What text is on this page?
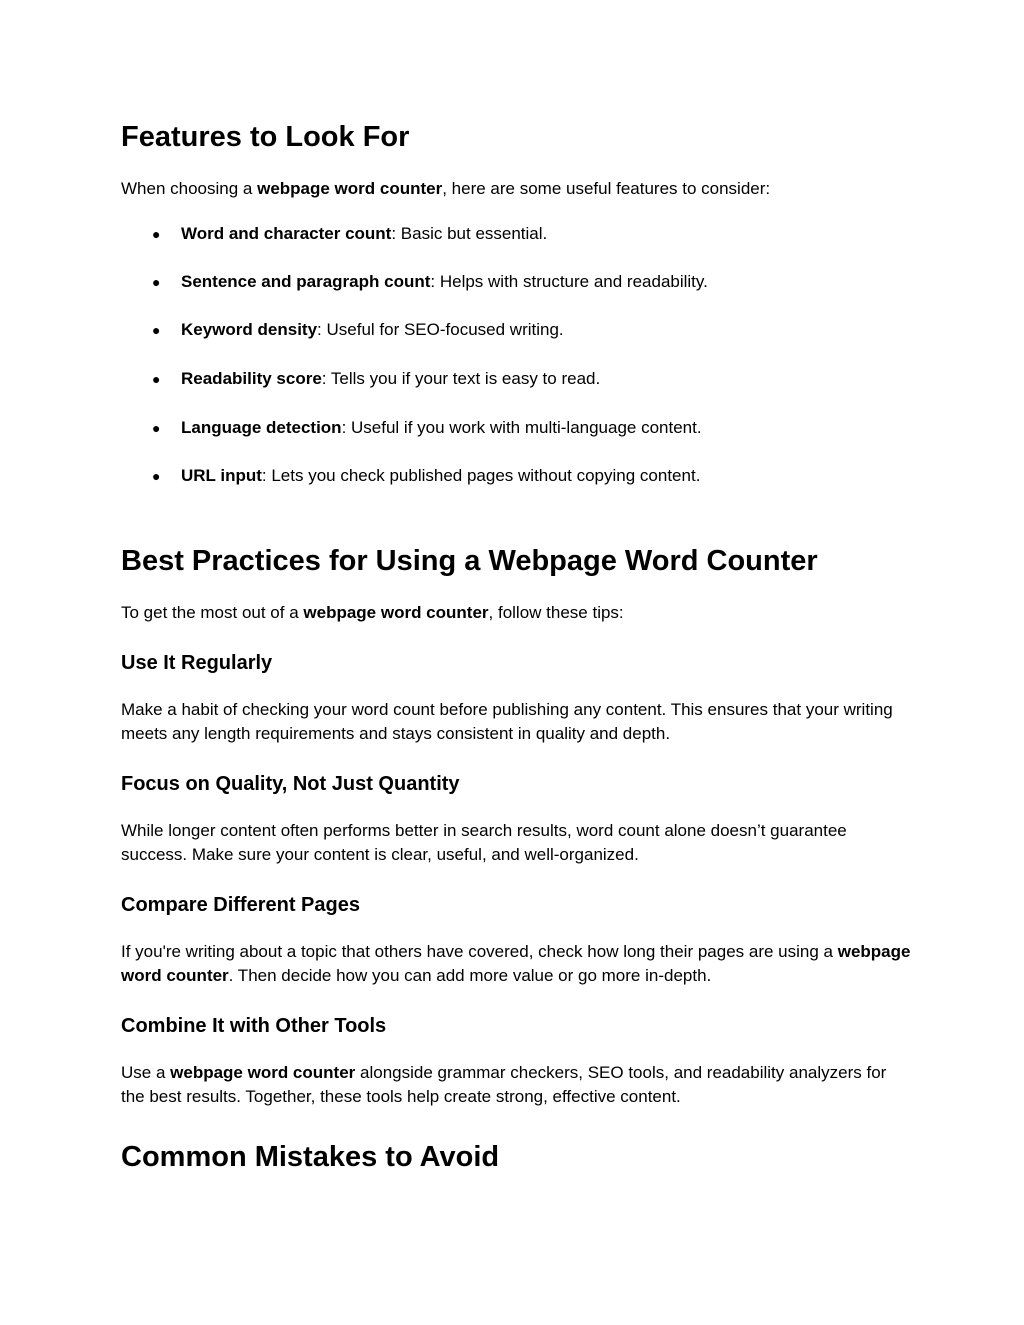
Features to Look For
When choosing a webpage word counter, here are some useful features to consider:
● Word and character count: Basic but essential.
● Sentence and paragraph count: Helps with structure and readability.
● Keyword density: Useful for SEO-focused writing.
● Readability score: Tells you if your text is easy to read.
● Language detection: Useful if you work with multi-language content.
● URL input: Lets you check published pages without copying content.
Best Practices for Using a Webpage Word Counter
To get the most out of a webpage word counter, follow these tips:
Use It Regularly
Make a habit of checking your word count before publishing any content. This ensures that your writing meets any length requirements and stays consistent in quality and depth.
Focus on Quality, Not Just Quantity
While longer content often performs better in search results, word count alone doesn’t guarantee success. Make sure your content is clear, useful, and well-organized.
Compare Different Pages
If you're writing about a topic that others have covered, check how long their pages are using a webpage word counter. Then decide how you can add more value or go more in-depth.
Combine It with Other Tools
Use a webpage word counter alongside grammar checkers, SEO tools, and readability analyzers for the best results. Together, these tools help create strong, effective content.
Common Mistakes to Avoid
